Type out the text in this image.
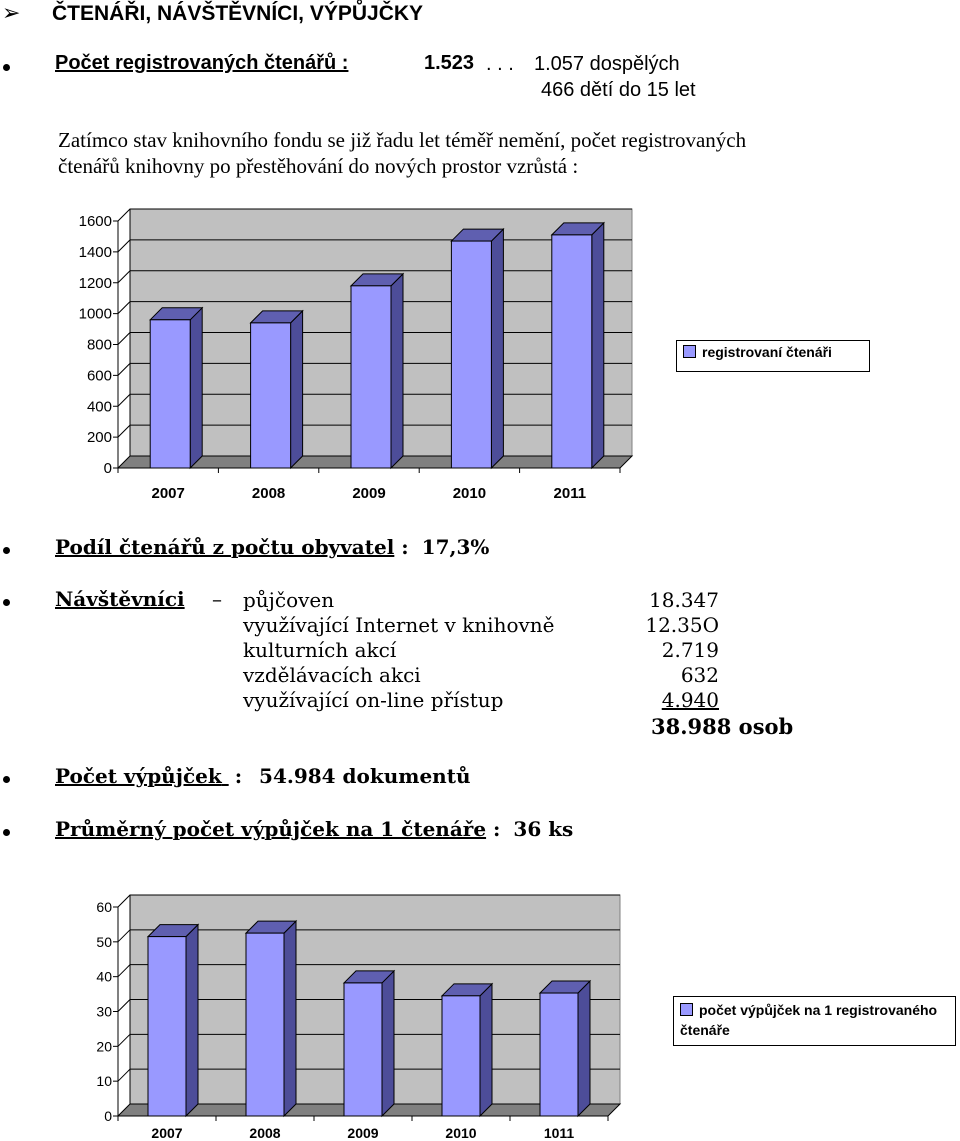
➢ ČTENÁŘI, NÁVŠTĚVNÍCI, VÝPŮJČKY
Počet registrovaných čtenářů :	1.523 . . . 1.057 dospělých
466 dětí do 15 let
Zatímco stav knihovního fondu se již řadu let téměř nemění, počet registrovaných
čtenářů knihovny po přestěhování do nových prostor vzrůstá :
0
200
400
600
800
1000
1200
1400
1600
2007	2008	2009	2010	2011
registrovaní čtenáři
Podíl čtenářů z počtu obyvatel : 17,3%
Návštěvníci – půjčoven	18.347
využívající Internet v knihovně	12.35O
kulturních akcí	2.719
vzdělávacích akci	632
využívající on-line přístup	4.940
38.988 osob
Počet výpůjček : 54.984 dokumentů
Průměrný počet výpůjček na 1 čtenáře : 36 ks
0
10
20
30
40
50
60
2007	2008	2009	2010	1011
počet výpůjček na 1 registrovaného
čtenáře
